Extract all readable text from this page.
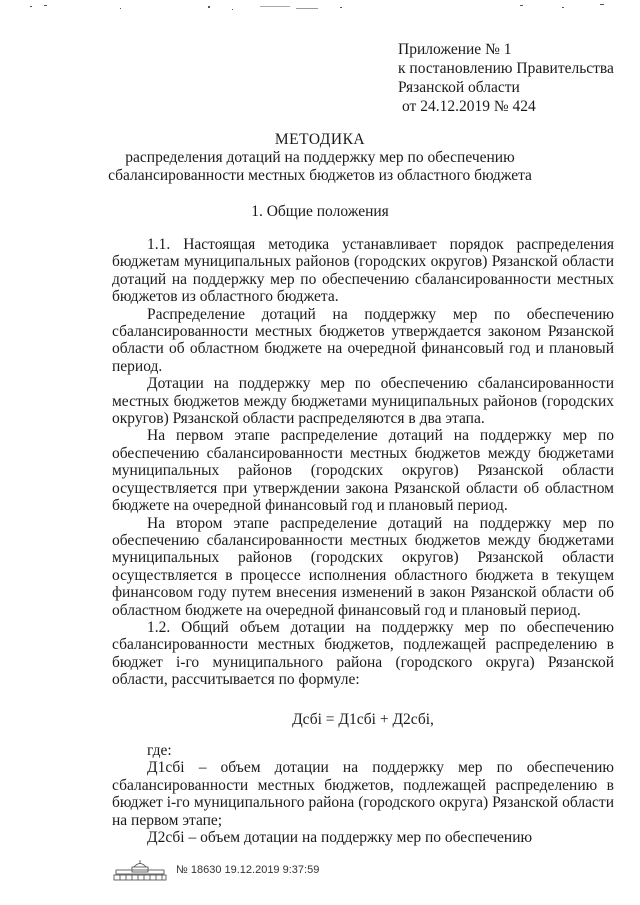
Приложение № 1
к постановлению Правительства
Рязанской области
от 24.12.2019 № 424
МЕТОДИКА
распределения дотаций на поддержку мер по обеспечению
сбалансированности местных бюджетов из областного бюджета
1. Общие положения

1.1. Настоящая методика устанавливает порядок распределения бюджетам муниципальных районов (городских округов) Рязанской области дотаций на поддержку мер по обеспечению сбалансированности местных бюджетов из областного бюджета.

Распределение дотаций на поддержку мер по обеспечению сбалансированности местных бюджетов утверждается законом Рязанской области об областном бюджете на очередной финансовый год и плановый период.

Дотации на поддержку мер по обеспечению сбалансированности местных бюджетов между бюджетами муниципальных районов (городских округов) Рязанской области распределяются в два этапа.

На первом этапе распределение дотаций на поддержку мер по обеспечению сбалансированности местных бюджетов между бюджетами муниципальных районов (городских округов) Рязанской области осуществляется при утверждении закона Рязанской области об областном бюджете на очередной финансовый год и плановый период.

На втором этапе распределение дотаций на поддержку мер по обеспечению сбалансированности местных бюджетов между бюджетами муниципальных районов (городских округов) Рязанской области осуществляется в процессе исполнения областного бюджета в текущем финансовом году путем внесения изменений в закон Рязанской области об областном бюджете на очередной финансовый год и плановый период.

1.2. Общий объем дотации на поддержку мер по обеспечению сбалансированности местных бюджетов, подлежащей распределению в бюджет i-го муниципального района (городского округа) Рязанской области, рассчитывается по формуле:

Дсбi = Д1сбi + Д2сбi,

где:

Д1сбi – объем дотации на поддержку мер по обеспечению сбалансированности местных бюджетов, подлежащей распределению в бюджет i-го муниципального района (городского округа) Рязанской области на первом этапе;

Д2сбi – объем дотации на поддержку мер по обеспечению

№ 18630 19.12.2019 9:37:59
